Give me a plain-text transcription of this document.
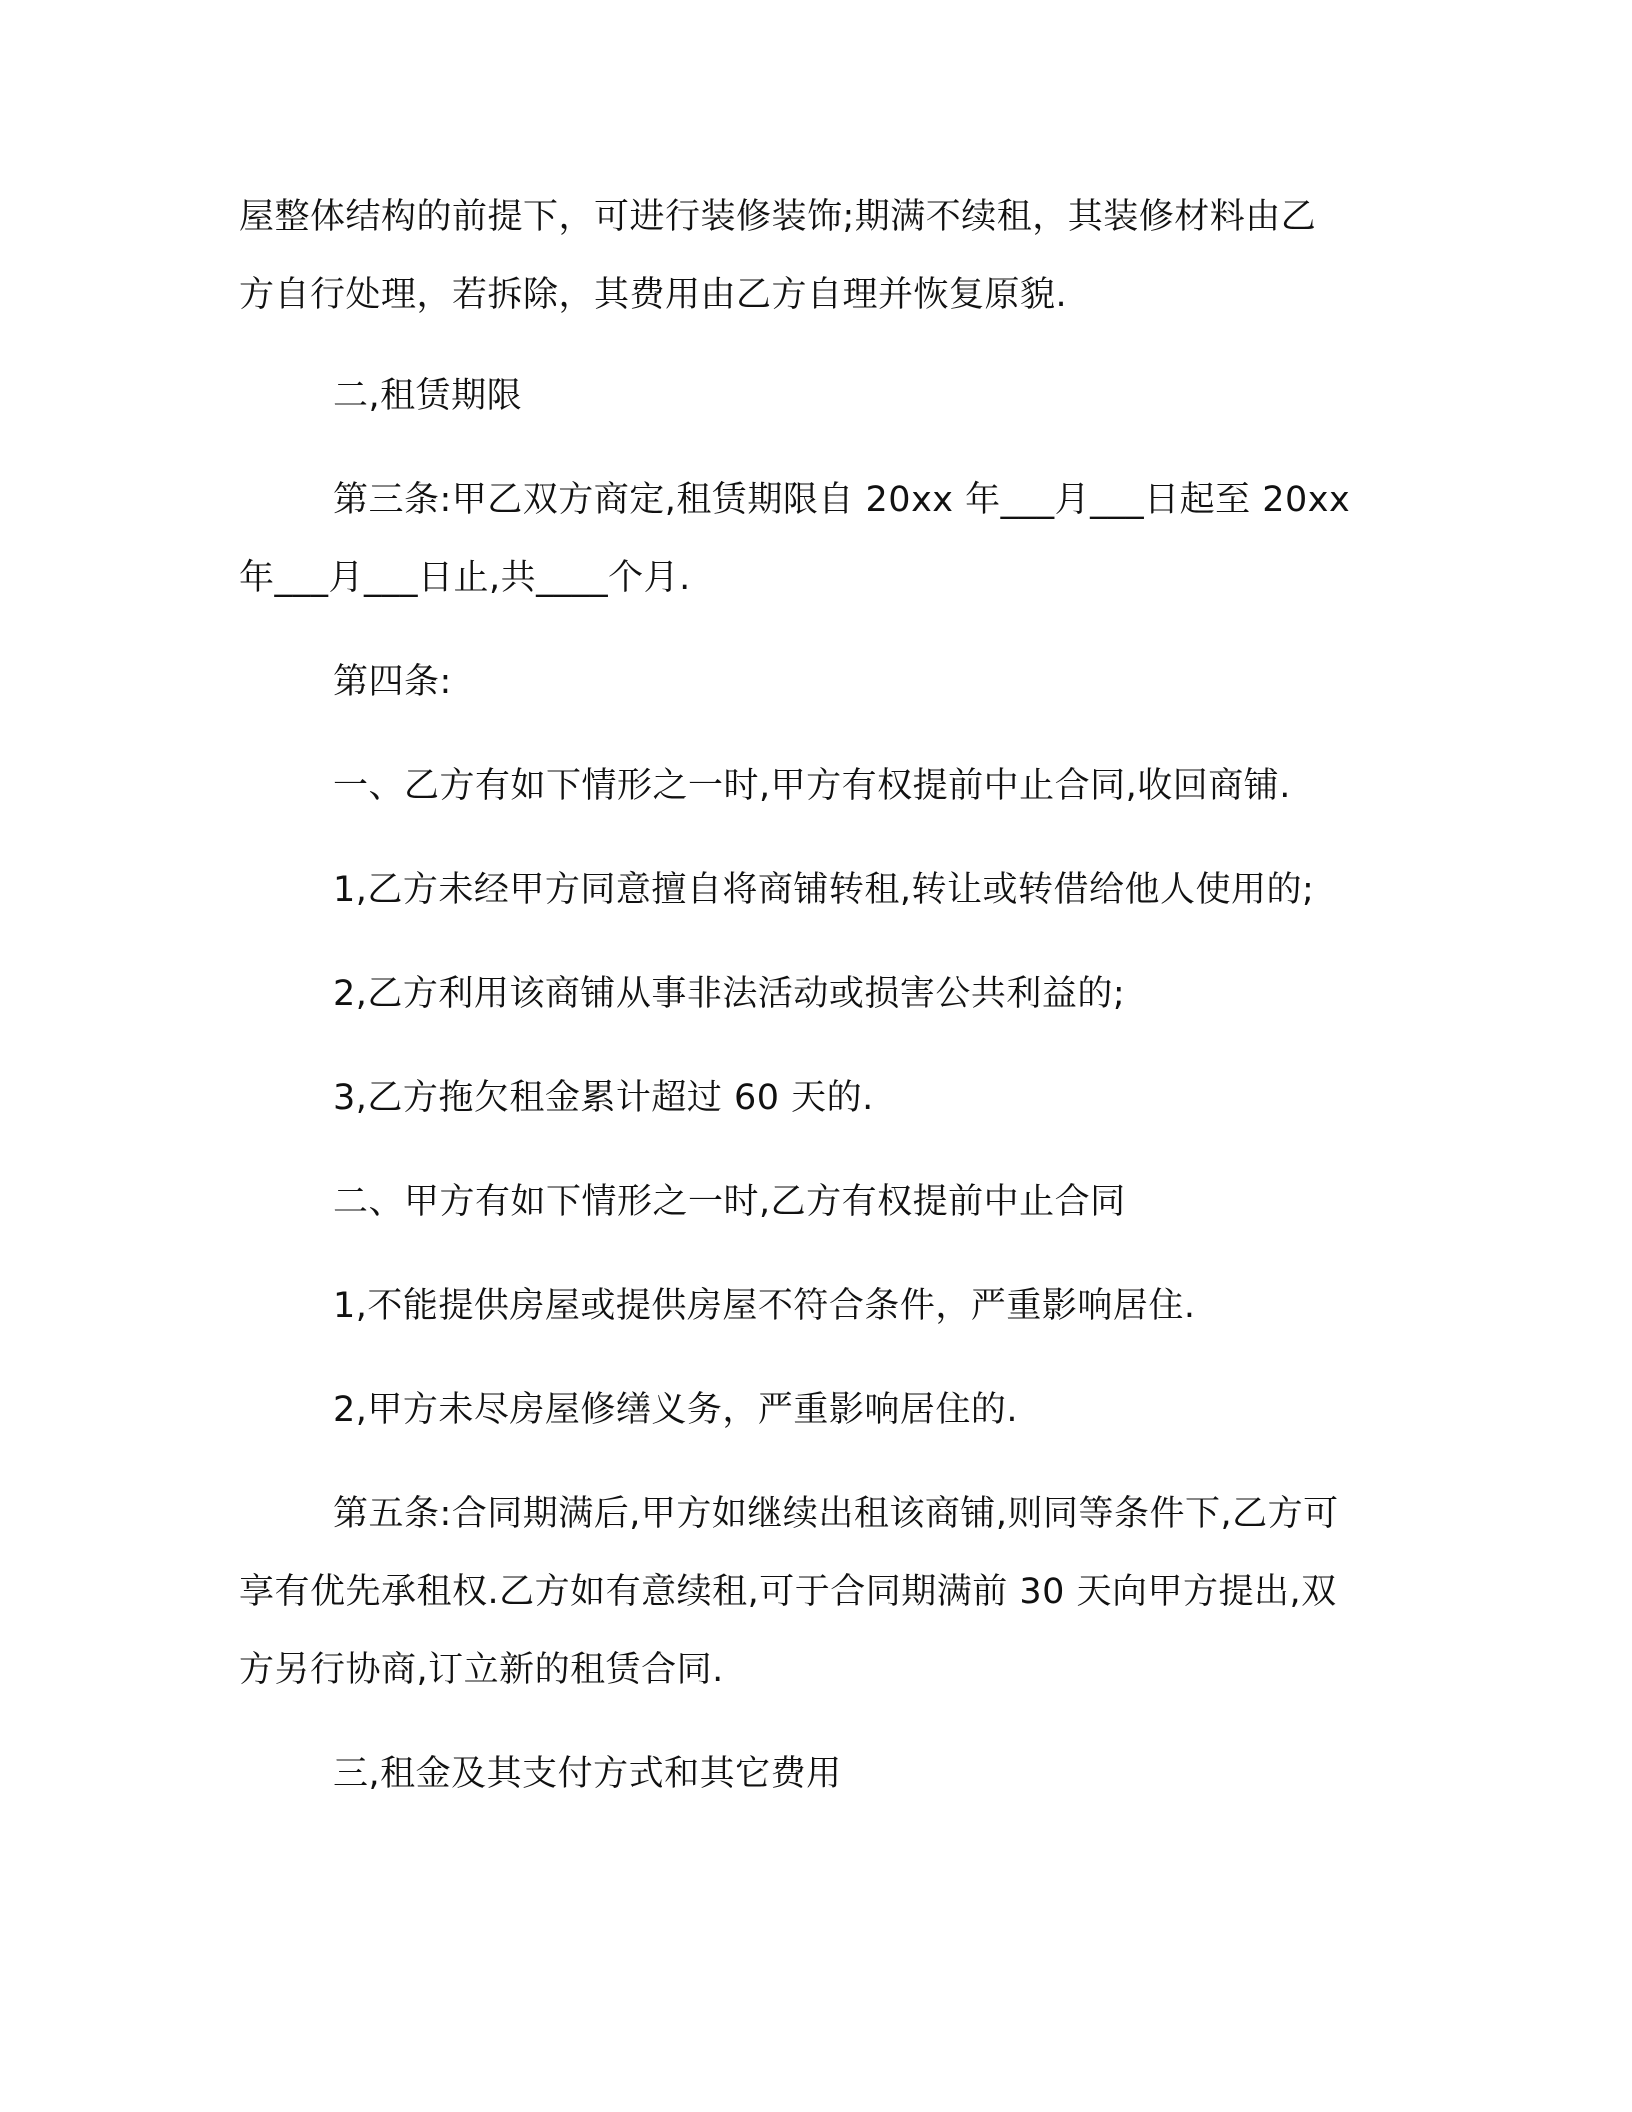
屋整体结构的前提下，可进行装修装饰;期满不续租，其装修材料由乙
方自行处理，若拆除，其费用由乙方自理并恢复原貌.
二,租赁期限
第三条:甲乙双方商定,租赁期限自 20xx 年___月___日起至 20xx
年___月___日止,共____个月.
第四条:
一、乙方有如下情形之一时,甲方有权提前中止合同,收回商铺.
1,乙方未经甲方同意擅自将商铺转租,转让或转借给他人使用的;
2,乙方利用该商铺从事非法活动或损害公共利益的;
3,乙方拖欠租金累计超过 60 天的.
二、甲方有如下情形之一时,乙方有权提前中止合同
1,不能提供房屋或提供房屋不符合条件，严重影响居住.
2,甲方未尽房屋修缮义务，严重影响居住的.
第五条:合同期满后,甲方如继续出租该商铺,则同等条件下,乙方可
享有优先承租权.乙方如有意续租,可于合同期满前 30 天向甲方提出,双
方另行协商,订立新的租赁合同.
三,租金及其支付方式和其它费用
